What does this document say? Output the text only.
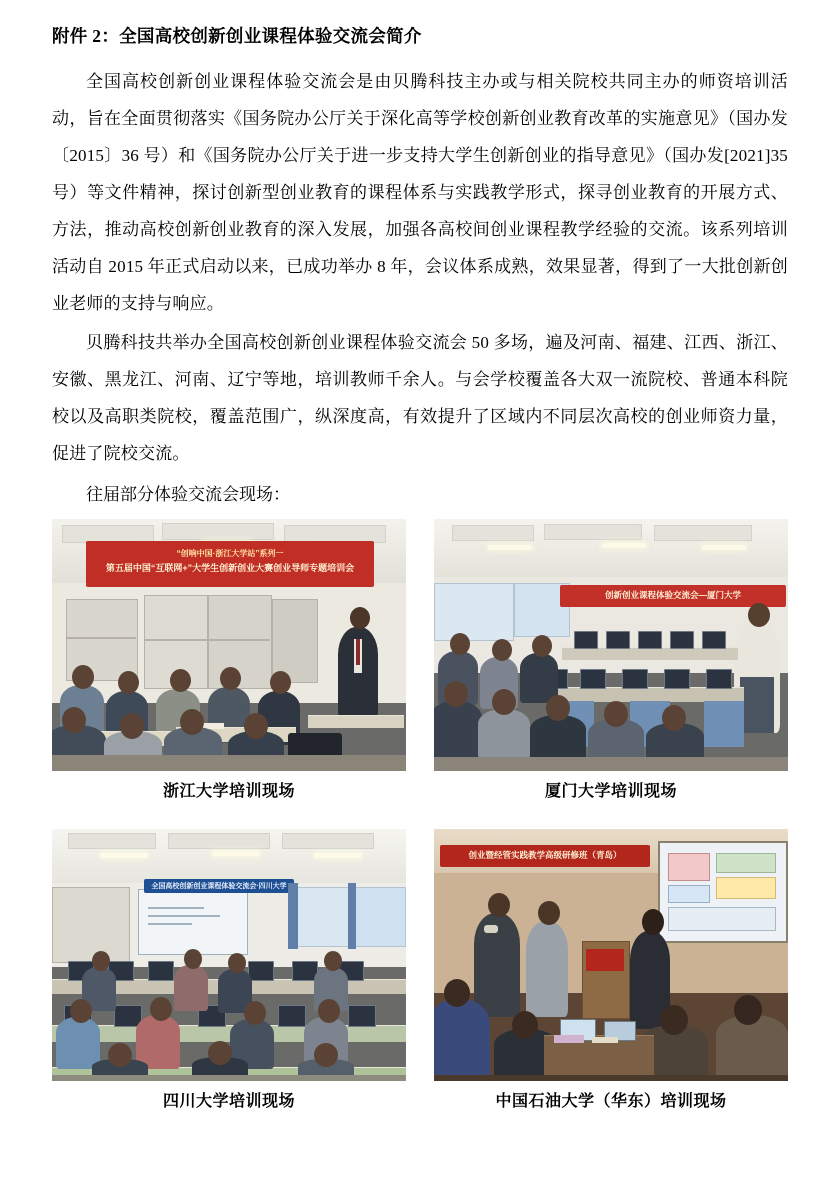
附件 2：全国高校创新创业课程体验交流会简介

全国高校创新创业课程体验交流会是由贝腾科技主办或与相关院校共同主办的师资培训活动，旨在全面贯彻落实《国务院办公厅关于深化高等学校创新创业教育改革的实施意见》（国办发〔2015〕36 号）和《国务院办公厅关于进一步支持大学生创新创业的指导意见》（国办发[2021]35 号）等文件精神，探讨创新型创业教育的课程体系与实践教学形式，探寻创业教育的开展方式、方法，推动高校创新创业教育的深入发展，加强各高校间创业课程教学经验的交流。该系列培训活动自 2015 年正式启动以来，已成功举办 8 年，会议体系成熟，效果显著，得到了一大批创新创业老师的支持与响应。

贝腾科技共举办全国高校创新创业课程体验交流会 50 多场，遍及河南、福建、江西、浙江、安徽、黑龙江、河南、辽宁等地，培训教师千余人。与会学校覆盖各大双一流院校、普通本科院校以及高职类院校，覆盖范围广，纵深度高，有效提升了区域内不同层次高校的创业师资力量，促进了院校交流。

往届部分体验交流会现场：

“创响中国·浙江大学站”系列一
第五届中国“互联网+”大学生创新创业大赛创业导师专题培训会
浙江大学培训现场
创新创业课程体验交流会—厦门大学
厦门大学培训现场
全国高校创新创业课程体验交流会·四川大学
四川大学培训现场
创业暨经管实践教学高级研修班（青岛）
中国石油大学（华东）培训现场
